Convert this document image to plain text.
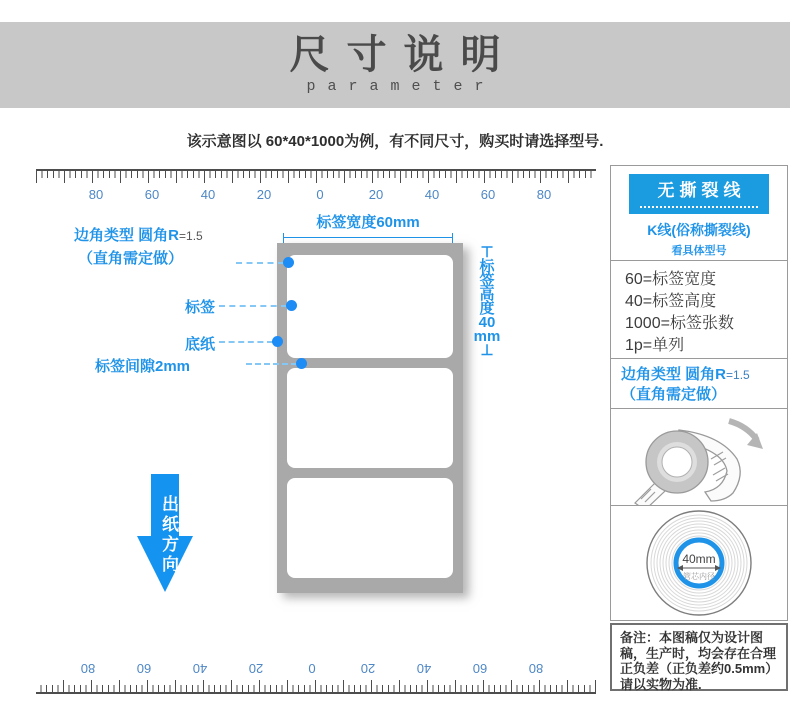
尺寸说明
parameter
该示意图以 60*40*1000为例，有不同尺寸，购买时请选择型号.
80	60	40	20	0	20	40	60	80
80
60
40
20
0
20
40
60
80
标签宽度60mm
⊤
标
签
高
度
40
mm
⊥
边角类型 圆角R=1.5
（直角需定做）
标签
底纸
标签间隙2mm
出纸方向
无撕裂线
K线(俗称撕裂线)
看具体型号
60=标签宽度
40=标签高度
1000=标签张数
1p=单列
边角类型 圆角R=1.5
（直角需定做）
40mm
管芯内径
备注：本图稿仅为设计图稿，生产时，均会存在合理正负差（正负差约0.5mm）请以实物为准.
